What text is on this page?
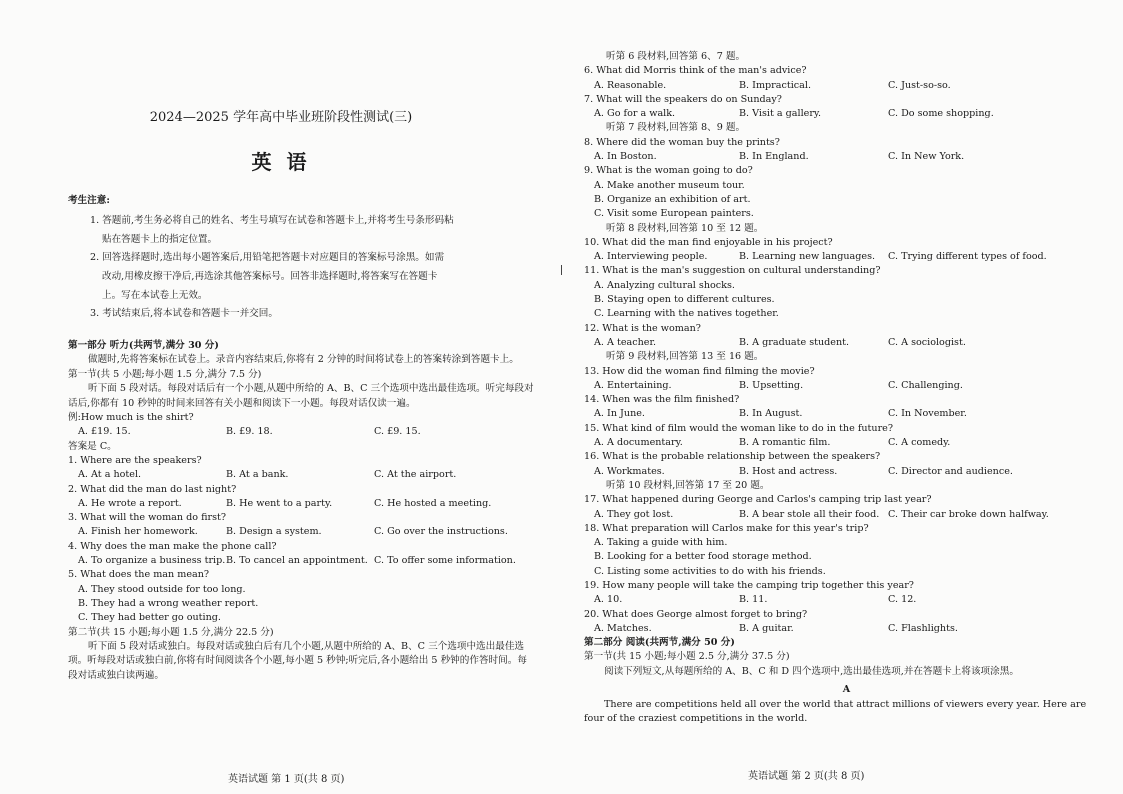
2024—2025 学年高中毕业班阶段性测试(三)
英 语
考生注意:
1. 答题前,考生务必将自己的姓名、考生号填写在试卷和答题卡上,并将考生号条形码粘
贴在答题卡上的指定位置。
2. 回答选择题时,选出每小题答案后,用铅笔把答题卡对应题目的答案标号涂黑。如需
改动,用橡皮擦干净后,再选涂其他答案标号。回答非选择题时,将答案写在答题卡
上。写在本试卷上无效。
3. 考试结束后,将本试卷和答题卡一并交回。
第一部分 听力(共两节,满分 30 分)
做题时,先将答案标在试卷上。录音内容结束后,你将有 2 分钟的时间将试卷上的答案转涂到答题卡上。
第一节(共 5 小题;每小题 1.5 分,满分 7.5 分)
听下面 5 段对话。每段对话后有一个小题,从题中所给的 A、B、C 三个选项中选出最佳选项。听完每段对话后,你都有 10 秒钟的时间来回答有关小题和阅读下一小题。每段对话仅读一遍。
例:How much is the shirt?
A. £19. 15.	B. £9. 18.	C. £9. 15.
答案是 C。
1. Where are the speakers?
A. At a hotel.	B. At a bank.	C. At the airport.
2. What did the man do last night?
A. He wrote a report.	B. He went to a party.	C. He hosted a meeting.
3. What will the woman do first?
A. Finish her homework.	B. Design a system.	C. Go over the instructions.
4. Why does the man make the phone call?
A. To organize a business trip. B. To cancel an appointment. C. To offer some information.
5. What does the man mean?
A. They stood outside for too long.
B. They had a wrong weather report.
C. They had better go outing.
第二节(共 15 小题;每小题 1.5 分,满分 22.5 分)
听下面 5 段对话或独白。每段对话或独白后有几个小题,从题中所给的 A、B、C 三个选项中选出最佳选项。听每段对话或独白前,你将有时间阅读各个小题,每小题 5 秒钟;听完后,各小题给出 5 秒钟的作答时间。每段对话或独白读两遍。
英语试题 第 1 页(共 8 页)
听第 6 段材料,回答第 6、7 题。
6. What did Morris think of the man's advice?
A. Reasonable.	B. Impractical.	C. Just-so-so.
7. What will the speakers do on Sunday?
A. Go for a walk.	B. Visit a gallery.	C. Do some shopping.
听第 7 段材料,回答第 8、9 题。
8. Where did the woman buy the prints?
A. In Boston.	B. In England.	C. In New York.
9. What is the woman going to do?
A. Make another museum tour.
B. Organize an exhibition of art.
C. Visit some European painters.
听第 8 段材料,回答第 10 至 12 题。
10. What did the man find enjoyable in his project?
A. Interviewing people.	B. Learning new languages. C. Trying different types of food.
11. What is the man's suggestion on cultural understanding?
A. Analyzing cultural shocks.
B. Staying open to different cultures.
C. Learning with the natives together.
12. What is the woman?
A. A teacher.	B. A graduate student.	C. A sociologist.
听第 9 段材料,回答第 13 至 16 题。
13. How did the woman find filming the movie?
A. Entertaining.	B. Upsetting.	C. Challenging.
14. When was the film finished?
A. In June.	B. In August.	C. In November.
15. What kind of film would the woman like to do in the future?
A. A documentary.	B. A romantic film.	C. A comedy.
16. What is the probable relationship between the speakers?
A. Workmates.	B. Host and actress.	C. Director and audience.
听第 10 段材料,回答第 17 至 20 题。
17. What happened during George and Carlos's camping trip last year?
A. They got lost.	B. A bear stole all their food. C. Their car broke down halfway.
18. What preparation will Carlos make for this year's trip?
A. Taking a guide with him.
B. Looking for a better food storage method.
C. Listing some activities to do with his friends.
19. How many people will take the camping trip together this year?
A. 10.	B. 11.	C. 12.
20. What does George almost forget to bring?
A. Matches.	B. A guitar.	C. Flashlights.
第二部分 阅读(共两节,满分 50 分)
第一节(共 15 小题;每小题 2.5 分,满分 37.5 分)
阅读下列短文,从每题所给的 A、B、C 和 D 四个选项中,选出最佳选项,并在答题卡上将该项涂黑。
A
There are competitions held all over the world that attract millions of viewers every year. Here are four of the craziest competitions in the world.
英语试题 第 2 页(共 8 页)
